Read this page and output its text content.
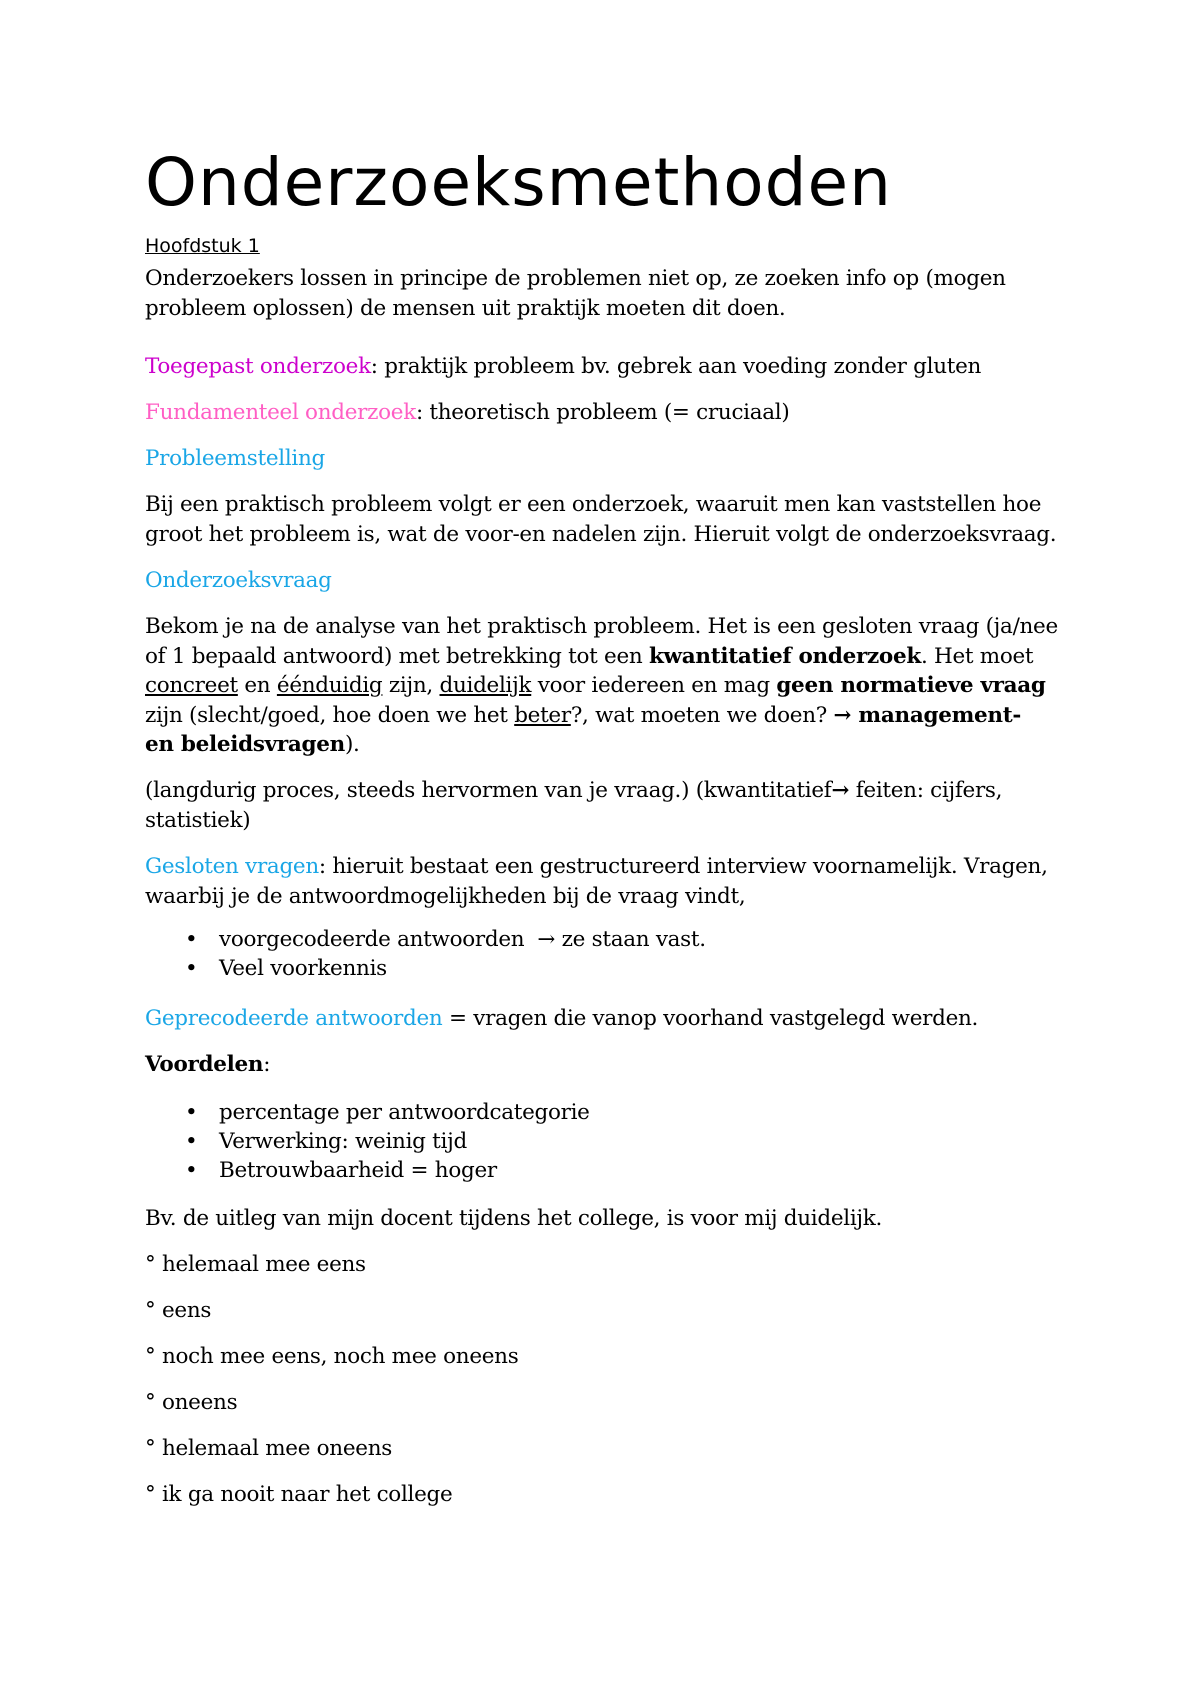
Onderzoeksmethoden
Hoofdstuk 1

Onderzoekers lossen in principe de problemen niet op, ze zoeken info op (mogen
probleem oplossen) de mensen uit praktijk moeten dit doen.

Toegepast onderzoek: praktijk probleem bv. gebrek aan voeding zonder gluten

Fundamenteel onderzoek: theoretisch probleem (= cruciaal)

Probleemstelling

Bij een praktisch probleem volgt er een onderzoek, waaruit men kan vaststellen hoe
groot het probleem is, wat de voor-en nadelen zijn. Hieruit volgt de onderzoeksvraag.

Onderzoeksvraag

Bekom je na de analyse van het praktisch probleem. Het is een gesloten vraag (ja/nee
of 1 bepaald antwoord) met betrekking tot een kwantitatief onderzoek. Het moet
concreet en éénduidig zijn, duidelijk voor iedereen en mag geen normatieve vraag
zijn (slecht/goed, hoe doen we het beter?, wat moeten we doen? → management-
en beleidsvragen).

(langdurig proces, steeds hervormen van je vraag.) (kwantitatief→ feiten: cijfers,
statistiek)

Gesloten vragen: hieruit bestaat een gestructureerd interview voornamelijk. Vragen,
waarbij je de antwoordmogelijkheden bij de vraag vindt,

• voorgecodeerde antwoorden → ze staan vast.
• Veel voorkennis

Geprecodeerde antwoorden = vragen die vanop voorhand vastgelegd werden.

Voordelen:

• percentage per antwoordcategorie
• Verwerking: weinig tijd
• Betrouwbaarheid = hoger

Bv. de uitleg van mijn docent tijdens het college, is voor mij duidelijk.

° helemaal mee eens

° eens

° noch mee eens, noch mee oneens

° oneens

° helemaal mee oneens

° ik ga nooit naar het college
